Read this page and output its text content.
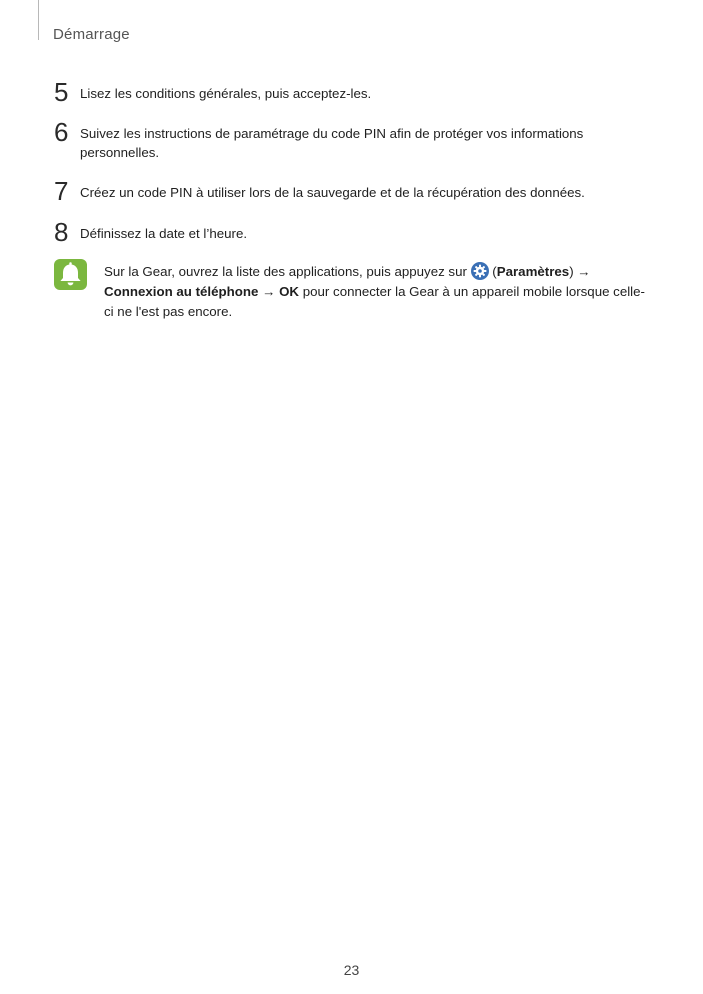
Démarrage
5 Lisez les conditions générales, puis acceptez-les.
6 Suivez les instructions de paramétrage du code PIN afin de protéger vos informations personnelles.
7 Créez un code PIN à utiliser lors de la sauvegarde et de la récupération des données.
8 Définissez la date et l’heure.
Sur la Gear, ouvrez la liste des applications, puis appuyez sur  (Paramètres) → Connexion au téléphone → OK pour connecter la Gear à un appareil mobile lorsque celle-ci ne l'est pas encore.
23
